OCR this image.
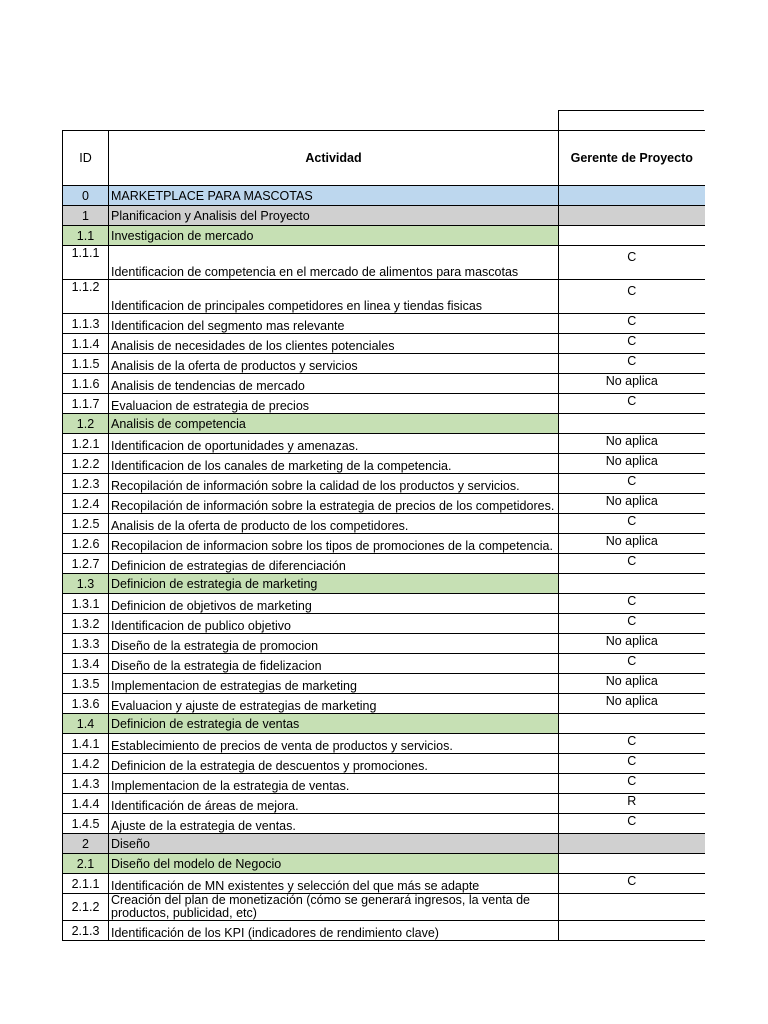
ID	Actividad	Gerente de Proyecto
0	MARKETPLACE PARA MASCOTAS	
1	Planificacion y Analisis del Proyecto	
1.1	Investigacion de mercado	
1.1.1	Identificacion de competencia en el mercado de alimentos para mascotas	C
1.1.2	Identificacion de principales competidores en linea y tiendas fisicas	C
1.1.3	Identificacion del segmento mas relevante	C
1.1.4	Analisis de necesidades de los clientes potenciales	C
1.1.5	Analisis de la oferta de productos y servicios	C
1.1.6	Analisis de tendencias de mercado	No aplica
1.1.7	Evaluacion de estrategia de precios	C
1.2	Analisis de competencia	
1.2.1	Identificacion de oportunidades y amenazas.	No aplica
1.2.2	Identificacion de los canales de marketing de la competencia.	No aplica
1.2.3	Recopilación de información sobre la calidad de los productos y servicios.	C
1.2.4	Recopilación de información sobre la estrategia de precios de los competidores.	No aplica
1.2.5	Analisis de la oferta de producto de los competidores.	C
1.2.6	Recopilacion de informacion sobre los tipos de promociones de la competencia.	No aplica
1.2.7	Definicion de estrategias de diferenciación	C
1.3	Definicion de estrategia de marketing	
1.3.1	Definicion de objetivos de marketing	C
1.3.2	Identificacion de publico objetivo	C
1.3.3	Diseño de la estrategia de promocion	No aplica
1.3.4	Diseño de la estrategia de fidelizacion	C
1.3.5	Implementacion de estrategias de marketing	No aplica
1.3.6	Evaluacion y ajuste de estrategias de marketing	No aplica
1.4	Definicion de estrategia de ventas	
1.4.1	Establecimiento de precios de venta de productos y servicios.	C
1.4.2	Definicion de la estrategia de descuentos y promociones.	C
1.4.3	Implementacion de la estrategia de ventas.	C
1.4.4	Identificación de áreas de mejora.	R
1.4.5	Ajuste de la estrategia de ventas.	C
2	Diseño	
2.1	Diseño del modelo de Negocio	
2.1.1	Identificación de MN existentes y selección del que más se adapte	C
2.1.2	Creación del plan de monetización (cómo se generará ingresos, la venta de productos, publicidad, etc)	
2.1.3	Identificación de los KPI (indicadores de rendimiento clave)	
